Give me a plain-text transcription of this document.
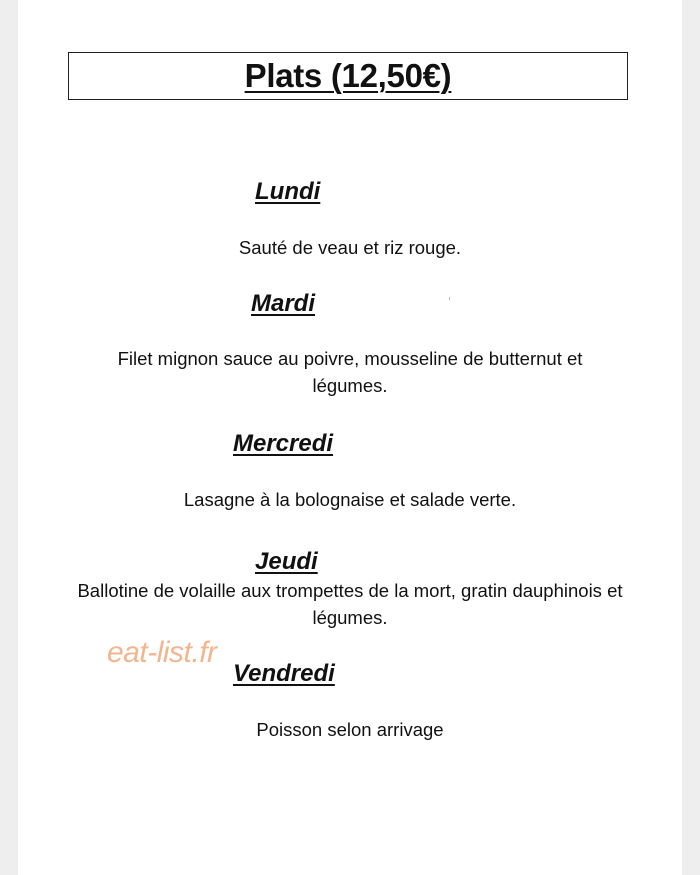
Plats (12,50€)
Lundi
Sauté de veau et riz rouge.
Mardi
Filet mignon sauce au poivre, mousseline de butternut et
légumes.
Mercredi
Lasagne à la bolognaise et salade verte.
Jeudi
Ballotine de volaille aux trompettes de la mort, gratin dauphinois et
légumes.
eat-list.fr
Vendredi
Poisson selon arrivage
